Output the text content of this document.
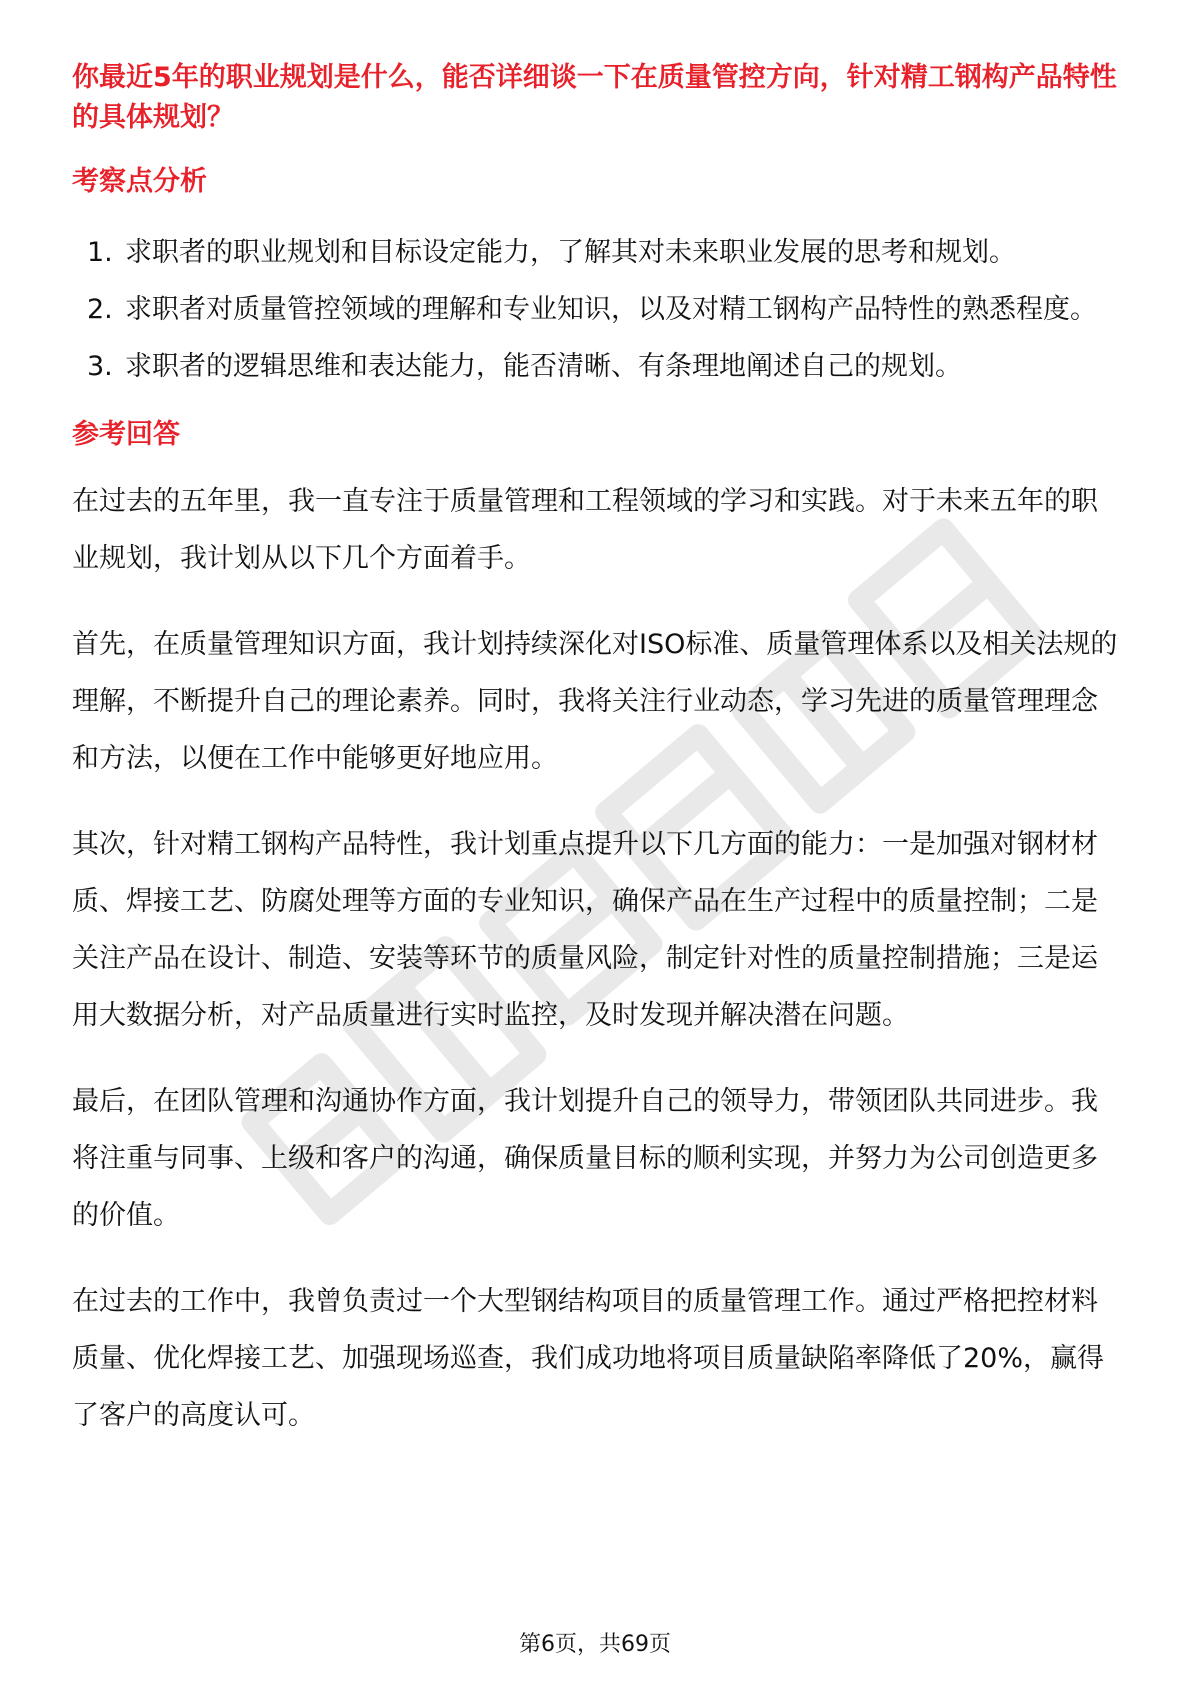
你最近5年的职业规划是什么，能否详细谈一下在质量管控方向，针对精工钢构产品特性的具体规划？
考察点分析
1. 求职者的职业规划和目标设定能力，了解其对未来职业发展的思考和规划。
2. 求职者对质量管控领域的理解和专业知识，以及对精工钢构产品特性的熟悉程度。
3. 求职者的逻辑思维和表达能力，能否清晰、有条理地阐述自己的规划。
参考回答

在过去的五年里，我一直专注于质量管理和工程领域的学习和实践。对于未来五年的职业规划，我计划从以下几个方面着手。

首先，在质量管理知识方面，我计划持续深化对ISO标准、质量管理体系以及相关法规的理解，不断提升自己的理论素养。同时，我将关注行业动态，学习先进的质量管理理念和方法，以便在工作中能够更好地应用。

其次，针对精工钢构产品特性，我计划重点提升以下几方面的能力：一是加强对钢材材质、焊接工艺、防腐处理等方面的专业知识，确保产品在生产过程中的质量控制；二是关注产品在设计、制造、安装等环节的质量风险，制定针对性的质量控制措施；三是运用大数据分析，对产品质量进行实时监控，及时发现并解决潜在问题。

最后，在团队管理和沟通协作方面，我计划提升自己的领导力，带领团队共同进步。我将注重与同事、上级和客户的沟通，确保质量目标的顺利实现，并努力为公司创造更多的价值。

在过去的工作中，我曾负责过一个大型钢结构项目的质量管理工作。通过严格把控材料质量、优化焊接工艺、加强现场巡查，我们成功地将项目质量缺陷率降低了20%，赢得了客户的高度认可。

第6页，共69页
